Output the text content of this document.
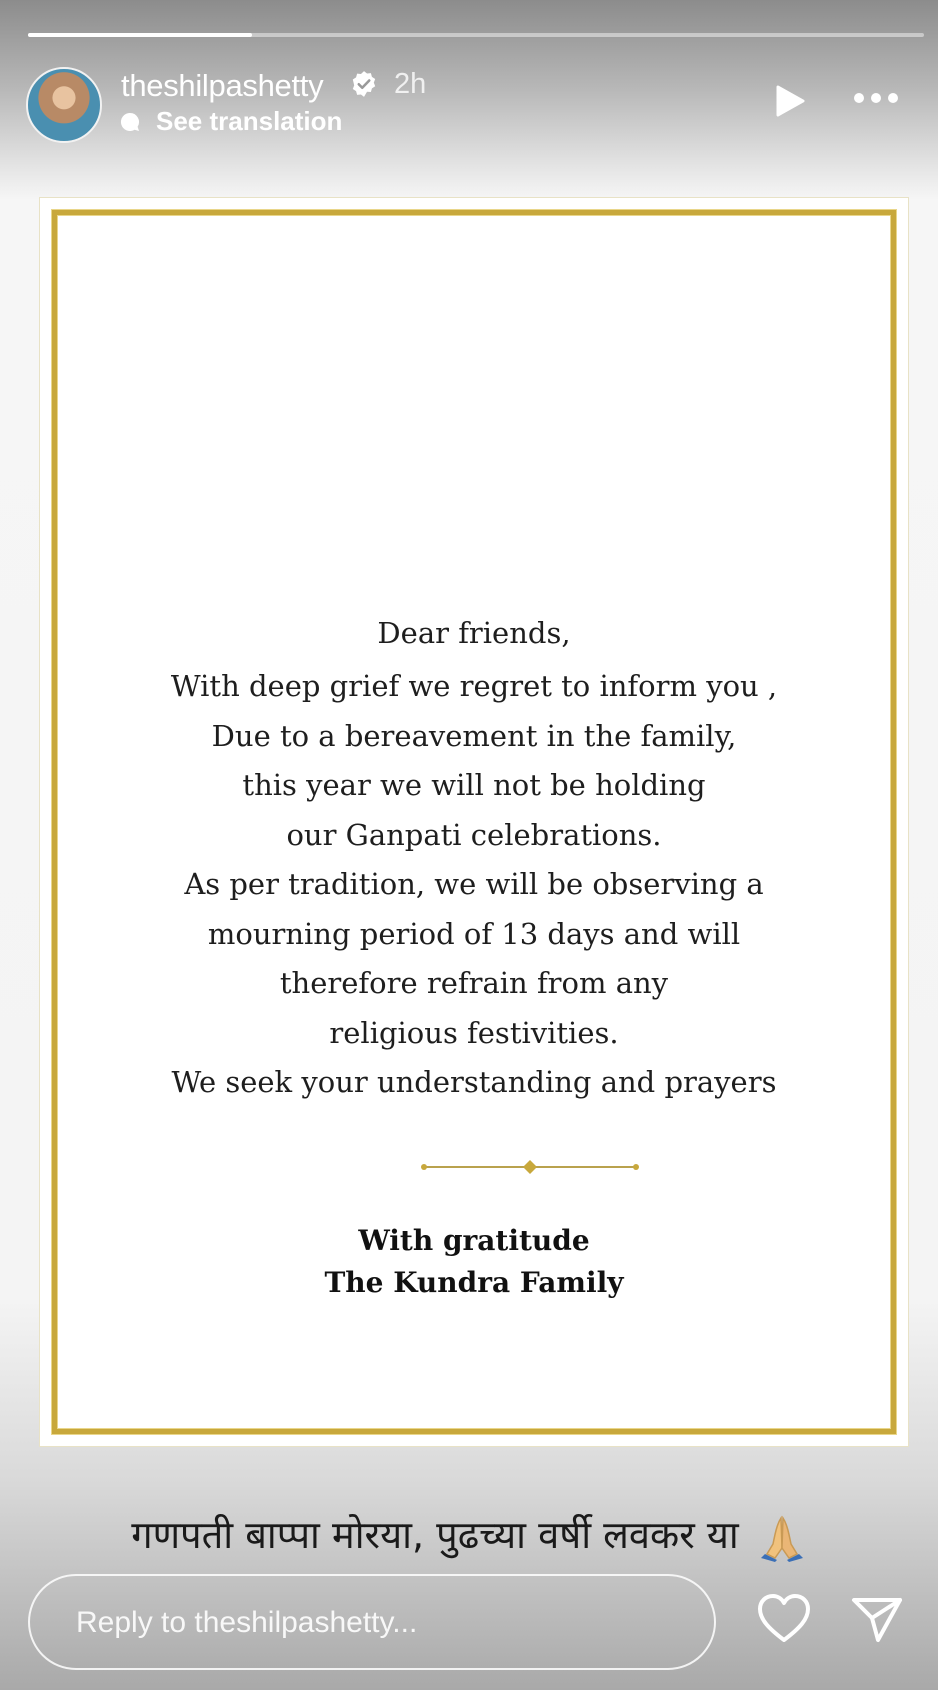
theshilpashetty 2h
See translation
Dear friends,
With deep grief we regret to inform you ,
Due to a bereavement in the family,
this year we will not be holding
our Ganpati celebrations.
As per tradition, we will be observing a
mourning period of 13 days and will
therefore refrain from any
religious festivities.
We seek your understanding and prayers
With gratitude
The Kundra Family
गणपती बाप्पा मोरया, पुढच्या वर्षी लवकर या
Reply to theshilpashetty...
